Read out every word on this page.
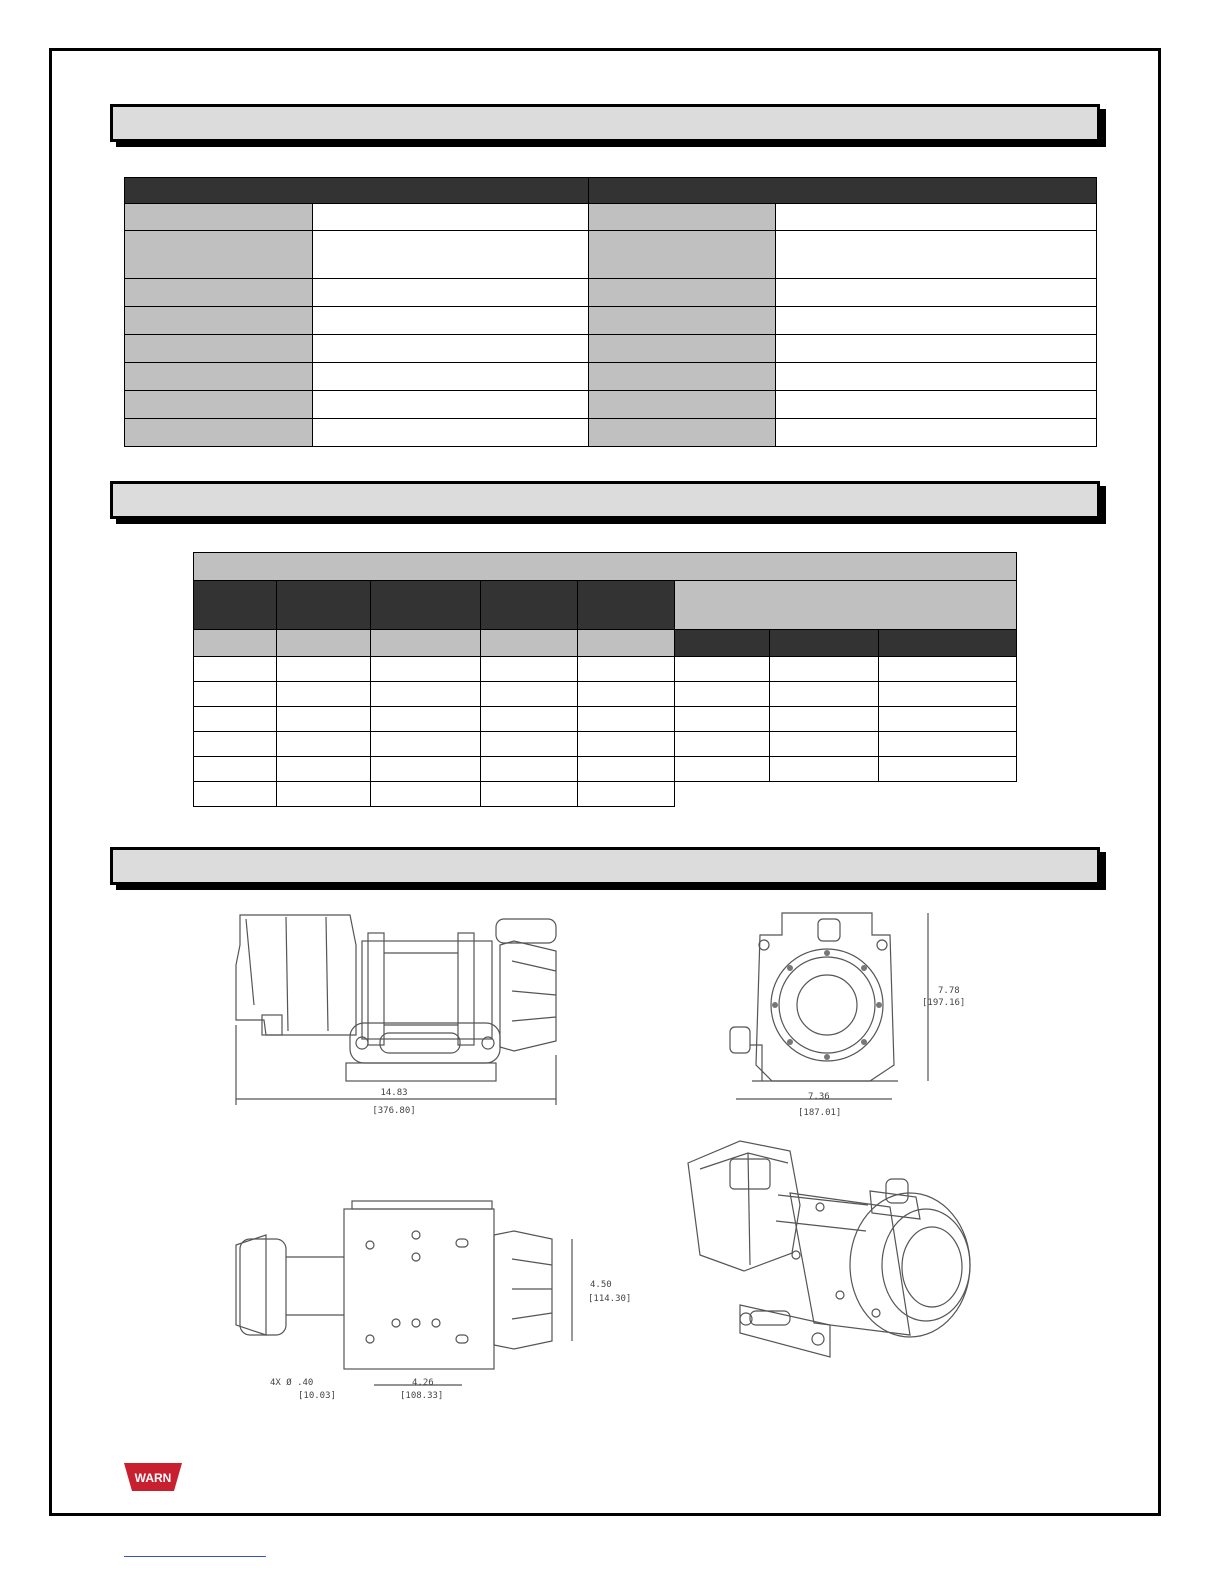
14.83
[376.80]
7.78
[197.16]
7.36
[187.01]
4.50
[114.30]
4X Ø .40
[10.03]
4.26
[108.33]
WARN
